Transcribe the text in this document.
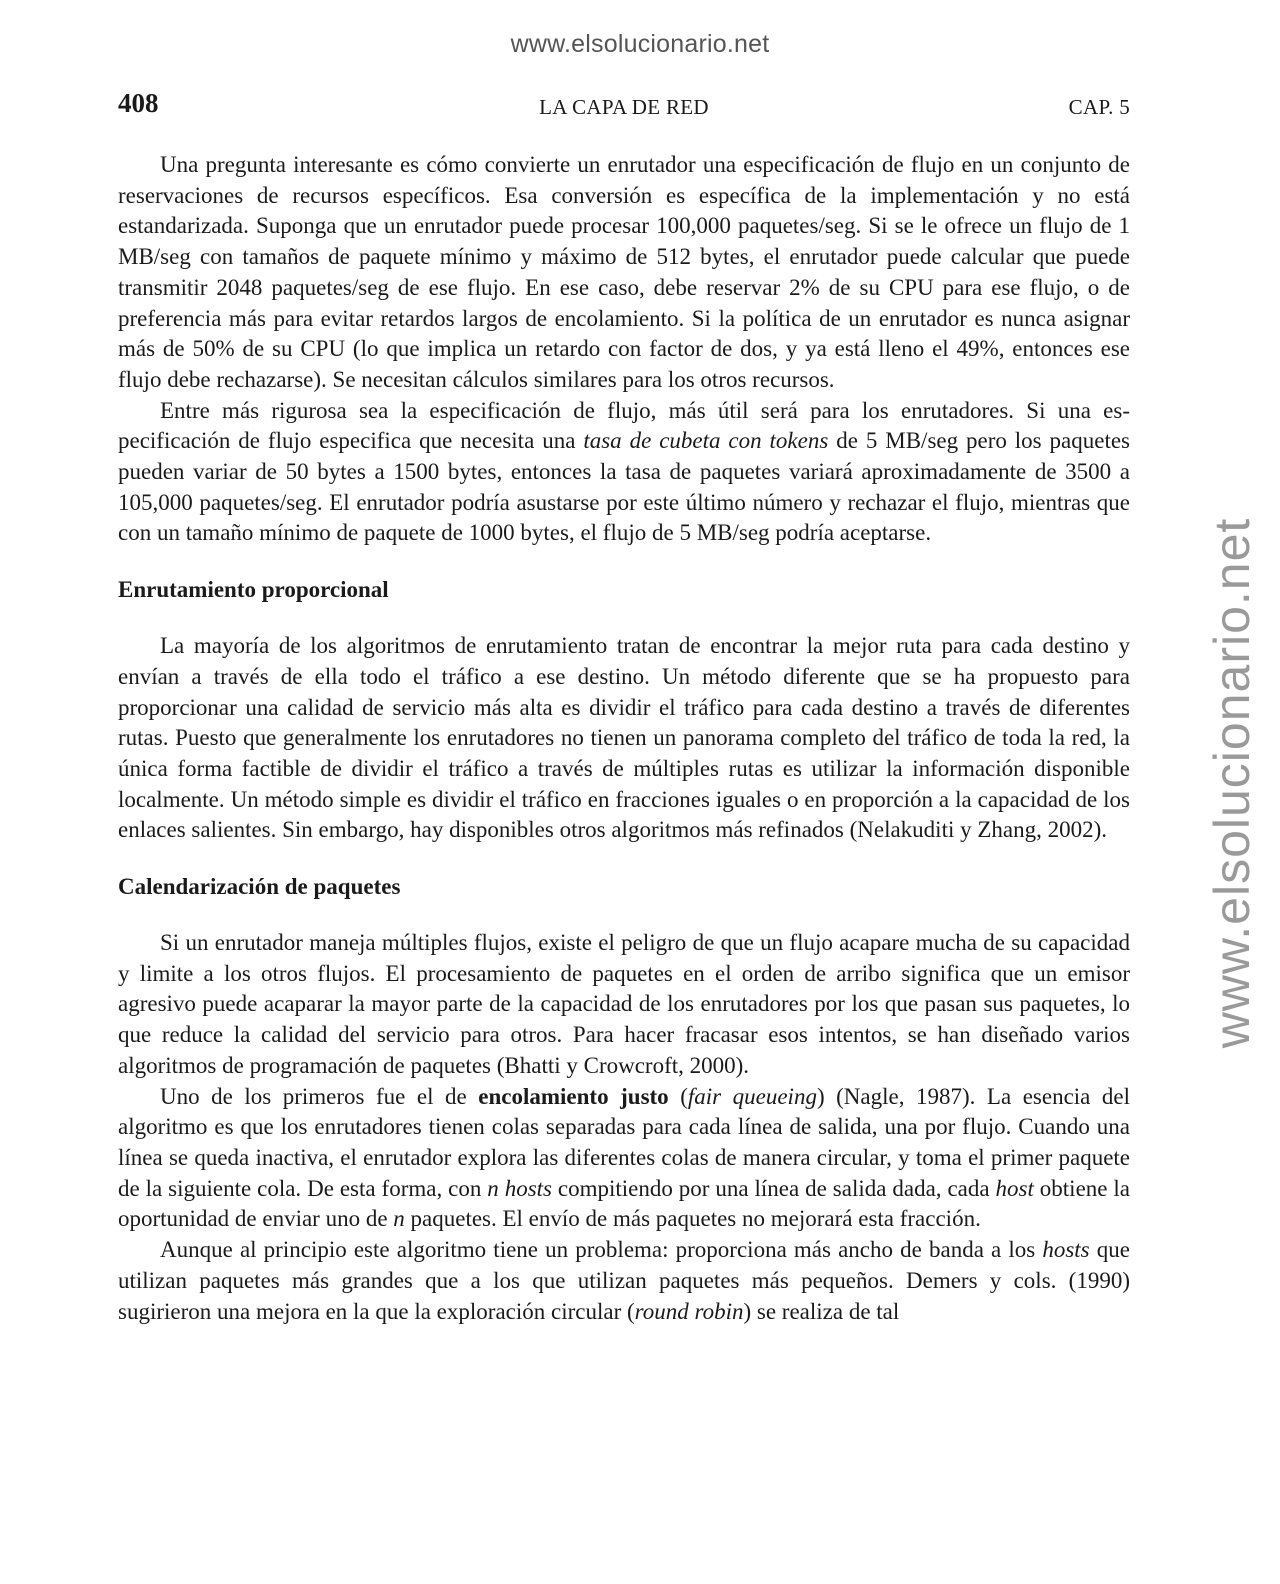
www.elsolucionario.net
www.elsolucionario.net
408	LA CAPA DE RED	CAP. 5

Una pregunta interesante es cómo convierte un enrutador una especificación de flujo en un conjunto de reservaciones de recursos específicos. Esa conversión es específica de la implementación y no está estandarizada. Suponga que un enrutador puede procesar 100,000 paquetes/seg. Si se le ofrece un flujo de 1 MB/seg con tamaños de paquete mínimo y máximo de 512 bytes, el enrutador puede calcular que puede transmitir 2048 paquetes/seg de ese flujo. En ese caso, debe reservar 2% de su CPU para ese flujo, o de preferencia más para evitar retardos largos de encolamiento. Si la política de un enrutador es nunca asignar más de 50% de su CPU (lo que implica un retardo con factor de dos, y ya está lleno el 49%, entonces ese flujo debe rechazarse). Se necesitan cálculos similares para los otros recursos.

Entre más rigurosa sea la especificación de flujo, más útil será para los enrutadores. Si una especificación de flujo especifica que necesita una tasa de cubeta con tokens de 5 MB/seg pero los paquetes pueden variar de 50 bytes a 1500 bytes, entonces la tasa de paquetes variará aproximadamente de 3500 a 105,000 paquetes/seg. El enrutador podría asustarse por este último número y rechazar el flujo, mientras que con un tamaño mínimo de paquete de 1000 bytes, el flujo de 5 MB/seg podría aceptarse.

Enrutamiento proporcional

La mayoría de los algoritmos de enrutamiento tratan de encontrar la mejor ruta para cada destino y envían a través de ella todo el tráfico a ese destino. Un método diferente que se ha propuesto para proporcionar una calidad de servicio más alta es dividir el tráfico para cada destino a través de diferentes rutas. Puesto que generalmente los enrutadores no tienen un panorama completo del tráfico de toda la red, la única forma factible de dividir el tráfico a través de múltiples rutas es utilizar la información disponible localmente. Un método simple es dividir el tráfico en fracciones iguales o en proporción a la capacidad de los enlaces salientes. Sin embargo, hay disponibles otros algoritmos más refinados (Nelakuditi y Zhang, 2002).

Calendarización de paquetes

Si un enrutador maneja múltiples flujos, existe el peligro de que un flujo acapare mucha de su capacidad y limite a los otros flujos. El procesamiento de paquetes en el orden de arribo significa que un emisor agresivo puede acaparar la mayor parte de la capacidad de los enrutadores por los que pasan sus paquetes, lo que reduce la calidad del servicio para otros. Para hacer fracasar esos intentos, se han diseñado varios algoritmos de programación de paquetes (Bhatti y Crowcroft, 2000).

Uno de los primeros fue el de encolamiento justo (fair queueing) (Nagle, 1987). La esencia del algoritmo es que los enrutadores tienen colas separadas para cada línea de salida, una por flujo. Cuando una línea se queda inactiva, el enrutador explora las diferentes colas de manera circular, y toma el primer paquete de la siguiente cola. De esta forma, con n hosts compitiendo por una línea de salida dada, cada host obtiene la oportunidad de enviar uno de n paquetes. El envío de más paquetes no mejorará esta fracción.

Aunque al principio este algoritmo tiene un problema: proporciona más ancho de banda a los hosts que utilizan paquetes más grandes que a los que utilizan paquetes más pequeños. Demers y cols. (1990) sugirieron una mejora en la que la exploración circular (round robin) se realiza de tal
